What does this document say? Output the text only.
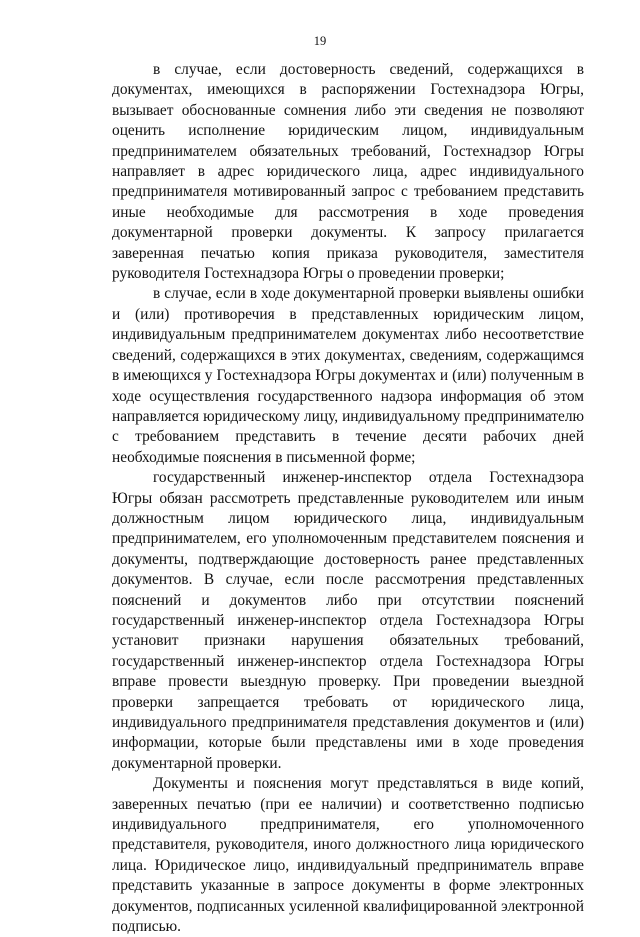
19

в случае, если достоверность сведений, содержащихся в документах, имеющихся в распоряжении Гостехнадзора Югры, вызывает обоснованные сомнения либо эти сведения не позволяют оценить исполнение юридическим лицом, индивидуальным предпринимателем обязательных требований, Гостехнадзор Югры направляет в адрес юридического лица, адрес индивидуального предпринимателя мотивированный запрос с требованием представить иные необходимые для рассмотрения в ходе проведения документарной проверки документы. К запросу прилагается заверенная печатью копия приказа руководителя, заместителя руководителя Гостехнадзора Югры о проведении проверки;

в случае, если в ходе документарной проверки выявлены ошибки и (или) противоречия в представленных юридическим лицом, индивидуальным предпринимателем документах либо несоответствие сведений, содержащихся в этих документах, сведениям, содержащимся в имеющихся у Гостехнадзора Югры документах и (или) полученным в ходе осуществления государственного надзора информация об этом направляется юридическому лицу, индивидуальному предпринимателю с требованием представить в течение десяти рабочих дней необходимые пояснения в письменной форме;

государственный инженер-инспектор отдела Гостехнадзора Югры обязан рассмотреть представленные руководителем или иным должностным лицом юридического лица, индивидуальным предпринимателем, его уполномоченным представителем пояснения и документы, подтверждающие достоверность ранее представленных документов. В случае, если после рассмотрения представленных пояснений и документов либо при отсутствии пояснений государственный инженер-инспектор отдела Гостехнадзора Югры установит признаки нарушения обязательных требований, государственный инженер-инспектор отдела Гостехнадзора Югры вправе провести выездную проверку. При проведении выездной проверки запрещается требовать от юридического лица, индивидуального предпринимателя представления документов и (или) информации, которые были представлены ими в ходе проведения документарной проверки.

Документы и пояснения могут представляться в виде копий, заверенных печатью (при ее наличии) и соответственно подписью индивидуального предпринимателя, его уполномоченного представителя, руководителя, иного должностного лица юридического лица. Юридическое лицо, индивидуальный предприниматель вправе представить указанные в запросе документы в форме электронных документов, подписанных усиленной квалифицированной электронной подписью.
